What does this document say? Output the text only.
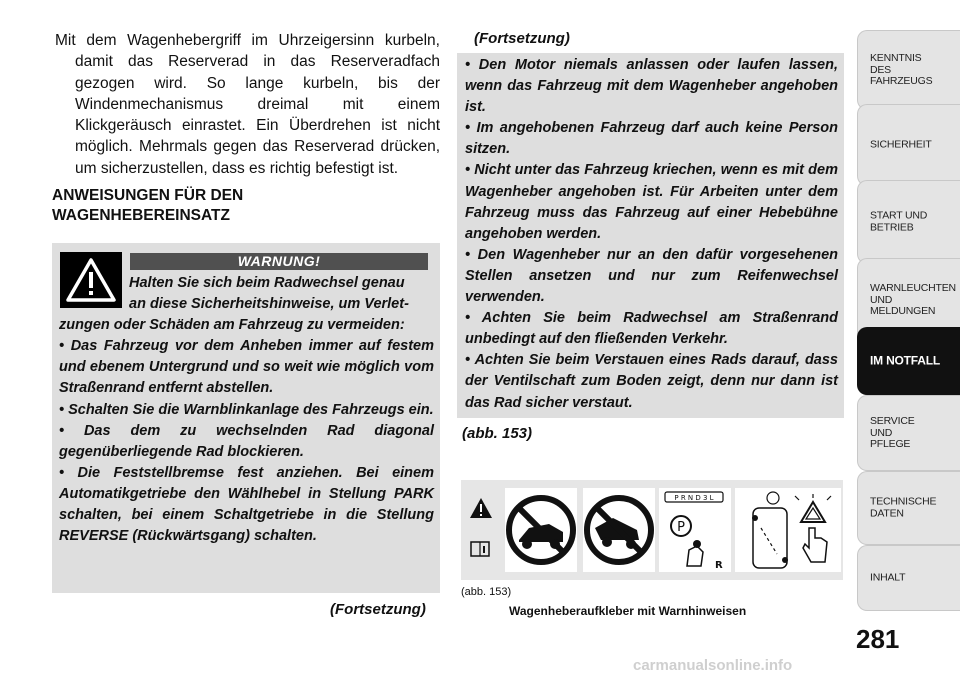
Mit dem Wagenhebergriff im Uhrzeigersinn kurbeln, damit das Reserverad in das Reserveradfach gezogen wird. So lange kurbeln, bis der Windenmechanismus dreimal mit einem Klickgeräusch einrastet. Ein Überdrehen ist nicht möglich. Mehrmals gegen das Reserverad drücken, um sicherzustellen, dass es richtig befestigt ist.

ANWEISUNGEN FÜR DEN
WAGENHEBEREINSATZ
WARNUNG!

Halten Sie sich beim Radwechsel genau
an diese Sicherheitshinweise, um Verlet-

zungen oder Schäden am Fahrzeug zu vermeiden:

• Das Fahrzeug vor dem Anheben immer auf festem und ebenem Untergrund und so weit wie möglich vom Straßenrand entfernt abstellen.

• Schalten Sie die Warnblinkanlage des Fahrzeugs ein.

• Das dem zu wechselnden Rad diagonal gegenüberliegende Rad blockieren.

• Die Feststellbremse fest anziehen. Bei einem Automatikgetriebe den Wählhebel in Stellung PARK schalten, bei einem Schaltgetriebe in die Stellung REVERSE (Rückwärtsgang) schalten.

(Fortsetzung)
(Fortsetzung)

• Den Motor niemals anlassen oder laufen lassen, wenn das Fahrzeug mit dem Wagenheber angehoben ist.

• Im angehobenen Fahrzeug darf auch keine Person sitzen.

• Nicht unter das Fahrzeug kriechen, wenn es mit dem Wagenheber angehoben ist. Für Arbeiten unter dem Fahrzeug muss das Fahrzeug auf einer Hebebühne angehoben werden.

• Den Wagenheber nur an den dafür vorgesehenen Stellen ansetzen und nur zum Reifenwechsel verwenden.

• Achten Sie beim Radwechsel am Straßenrand unbedingt auf den fließenden Verkehr.

• Achten Sie beim Verstauen eines Rads darauf, dass der Ventilschaft zum Boden zeigt, denn nur dann ist das Rad sicher verstaut.

(abb. 153)
P R N D 3 L
P
R
(abb. 153)
Wagenheberaufkleber mit Warnhinweisen
KENNTNIS
DES
FAHRZEUGS
SICHERHEIT
START UND
BETRIEB
WARNLEUCHTEN
UND
MELDUNGEN
IM NOTFALL
SERVICE
UND
PFLEGE
TECHNISCHE
DATEN
INHALT
281
carmanualsonline.info
